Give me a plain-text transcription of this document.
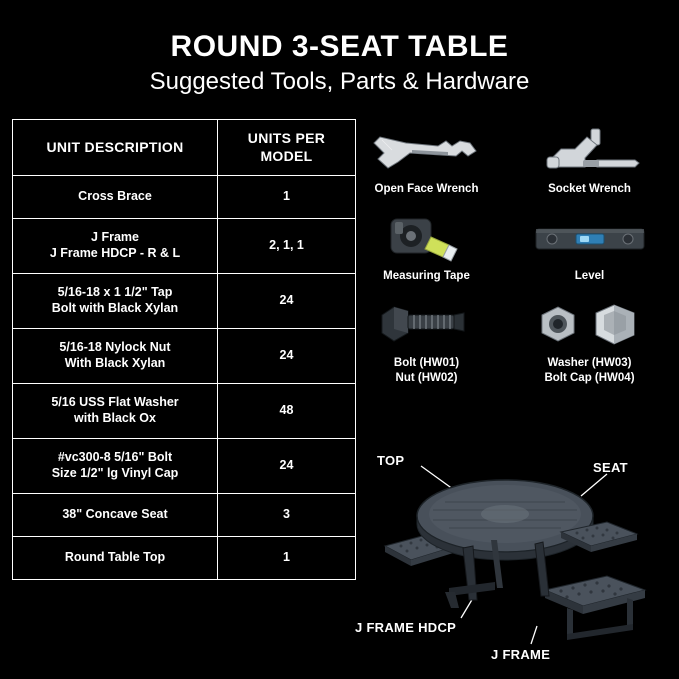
ROUND 3-SEAT TABLE
Suggested Tools, Parts & Hardware
UNIT DESCRIPTION	UNITS PER MODEL
Cross Brace	1
J Frame
J Frame HDCP - R & L	2, 1, 1
5/16-18 x 1 1/2" Tap
Bolt with Black Xylan	24
5/16-18 Nylock Nut
With Black Xylan	24
5/16 USS Flat Washer
with Black Ox	48
#vc300-8 5/16" Bolt
Size 1/2" lg Vinyl Cap	24
38" Concave Seat	3
Round Table Top	1
Open Face Wrench	Socket Wrench
Measuring Tape	Level
Bolt (HW01)
Nut (HW02)
Washer (HW03)
Bolt Cap (HW04)
TOP	SEAT
J FRAME HDCP
J FRAME
